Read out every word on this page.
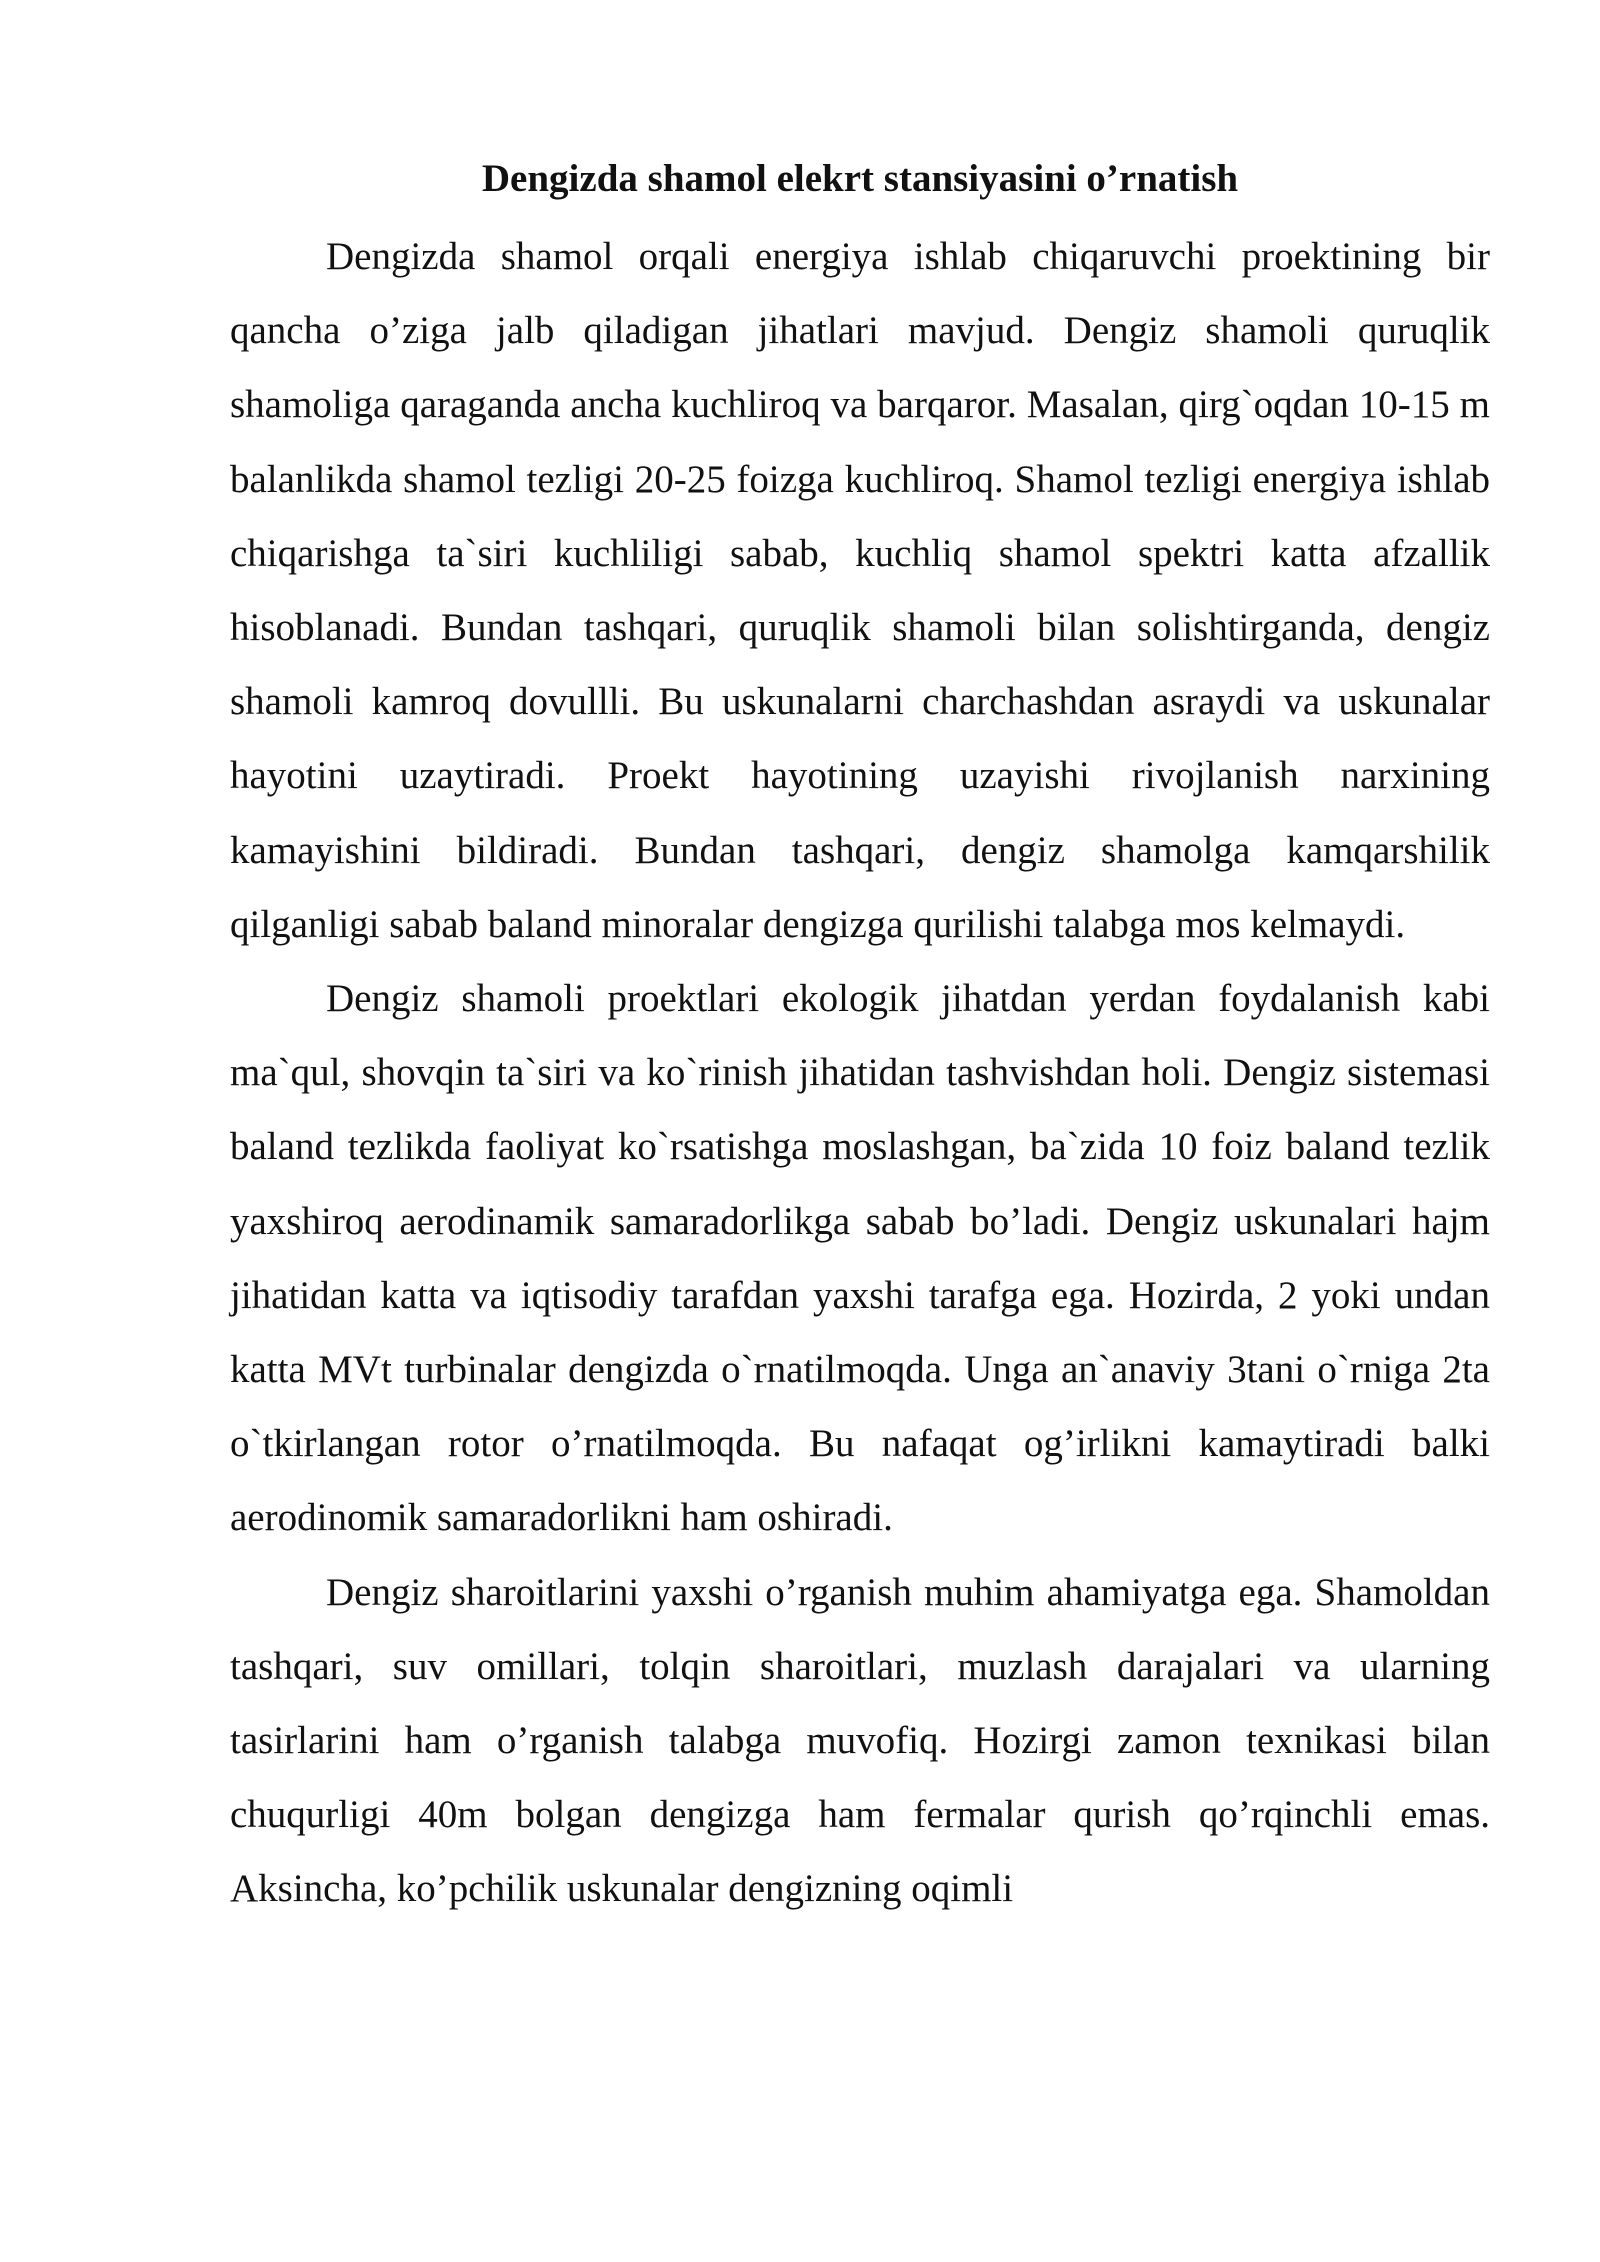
Dengizda shamol elekrt stansiyasini o’rnatish

Dengizda shamol orqali energiya ishlab chiqaruvchi proektining bir qancha o’ziga jalb qiladigan jihatlari mavjud. Dengiz shamoli quruqlik shamoliga qaraganda ancha kuchliroq va barqaror. Masalan, qirg`oqdan 10-15 m balanlikda shamol tezligi 20-25 foizga kuchliroq. Shamol tezligi energiya ishlab chiqarishga ta`siri kuchliligi sabab, kuchliq shamol spektri katta afzallik hisoblanadi. Bundan tashqari, quruqlik shamoli bilan solishtirganda, dengiz shamoli kamroq dovullli. Bu uskunalarni charchashdan asraydi va uskunalar hayotini uzaytiradi. Proekt hayotining uzayishi rivojlanish narxining kamayishini bildiradi. Bundan tashqari, dengiz shamolga kamqarshilik qilganligi sabab baland minoralar dengizga qurilishi talabga mos kelmaydi.

Dengiz shamoli proektlari ekologik jihatdan yerdan foydalanish kabi ma`qul, shovqin ta`siri va ko`rinish jihatidan tashvishdan holi. Dengiz sistemasi baland tezlikda faoliyat ko`rsatishga moslashgan, ba`zida 10 foiz baland tezlik yaxshiroq aerodinamik samaradorlikga sabab bo’ladi. Dengiz uskunalari hajm jihatidan katta va iqtisodiy tarafdan yaxshi tarafga ega. Hozirda, 2 yoki undan katta MVt turbinalar dengizda o`rnatilmoqda. Unga an`anaviy 3tani o`rniga 2ta o`tkirlangan rotor o’rnatilmoqda. Bu nafaqat og’irlikni kamaytiradi balki aerodinomik samaradorlikni ham oshiradi.

Dengiz sharoitlarini yaxshi o’rganish muhim ahamiyatga ega. Shamoldan tashqari, suv omillari, tolqin sharoitlari, muzlash darajalari va ularning tasirlarini ham o’rganish talabga muvofiq. Hozirgi zamon texnikasi bilan chuqurligi 40m bolgan dengizga ham fermalar qurish qo’rqinchli emas. Aksincha, ko’pchilik uskunalar dengizning oqimli
